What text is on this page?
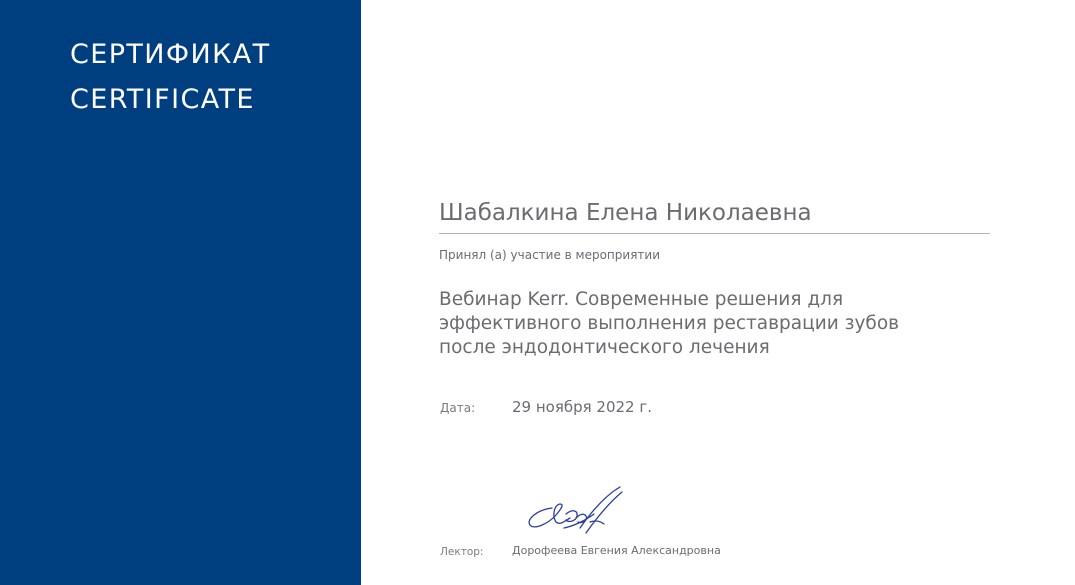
СЕРТИФИКАТ
CERTIFICATE
Шабалкина Елена Николаевна
Принял (а) участие в мероприятии
Вебинар Kerr. Современные решения для
эффективного выполнения реставрации зубов
после эндодонтического лечения
Дата: 29 ноября 2022 г.
Лектор:	Дорофеева Евгения Александровна
